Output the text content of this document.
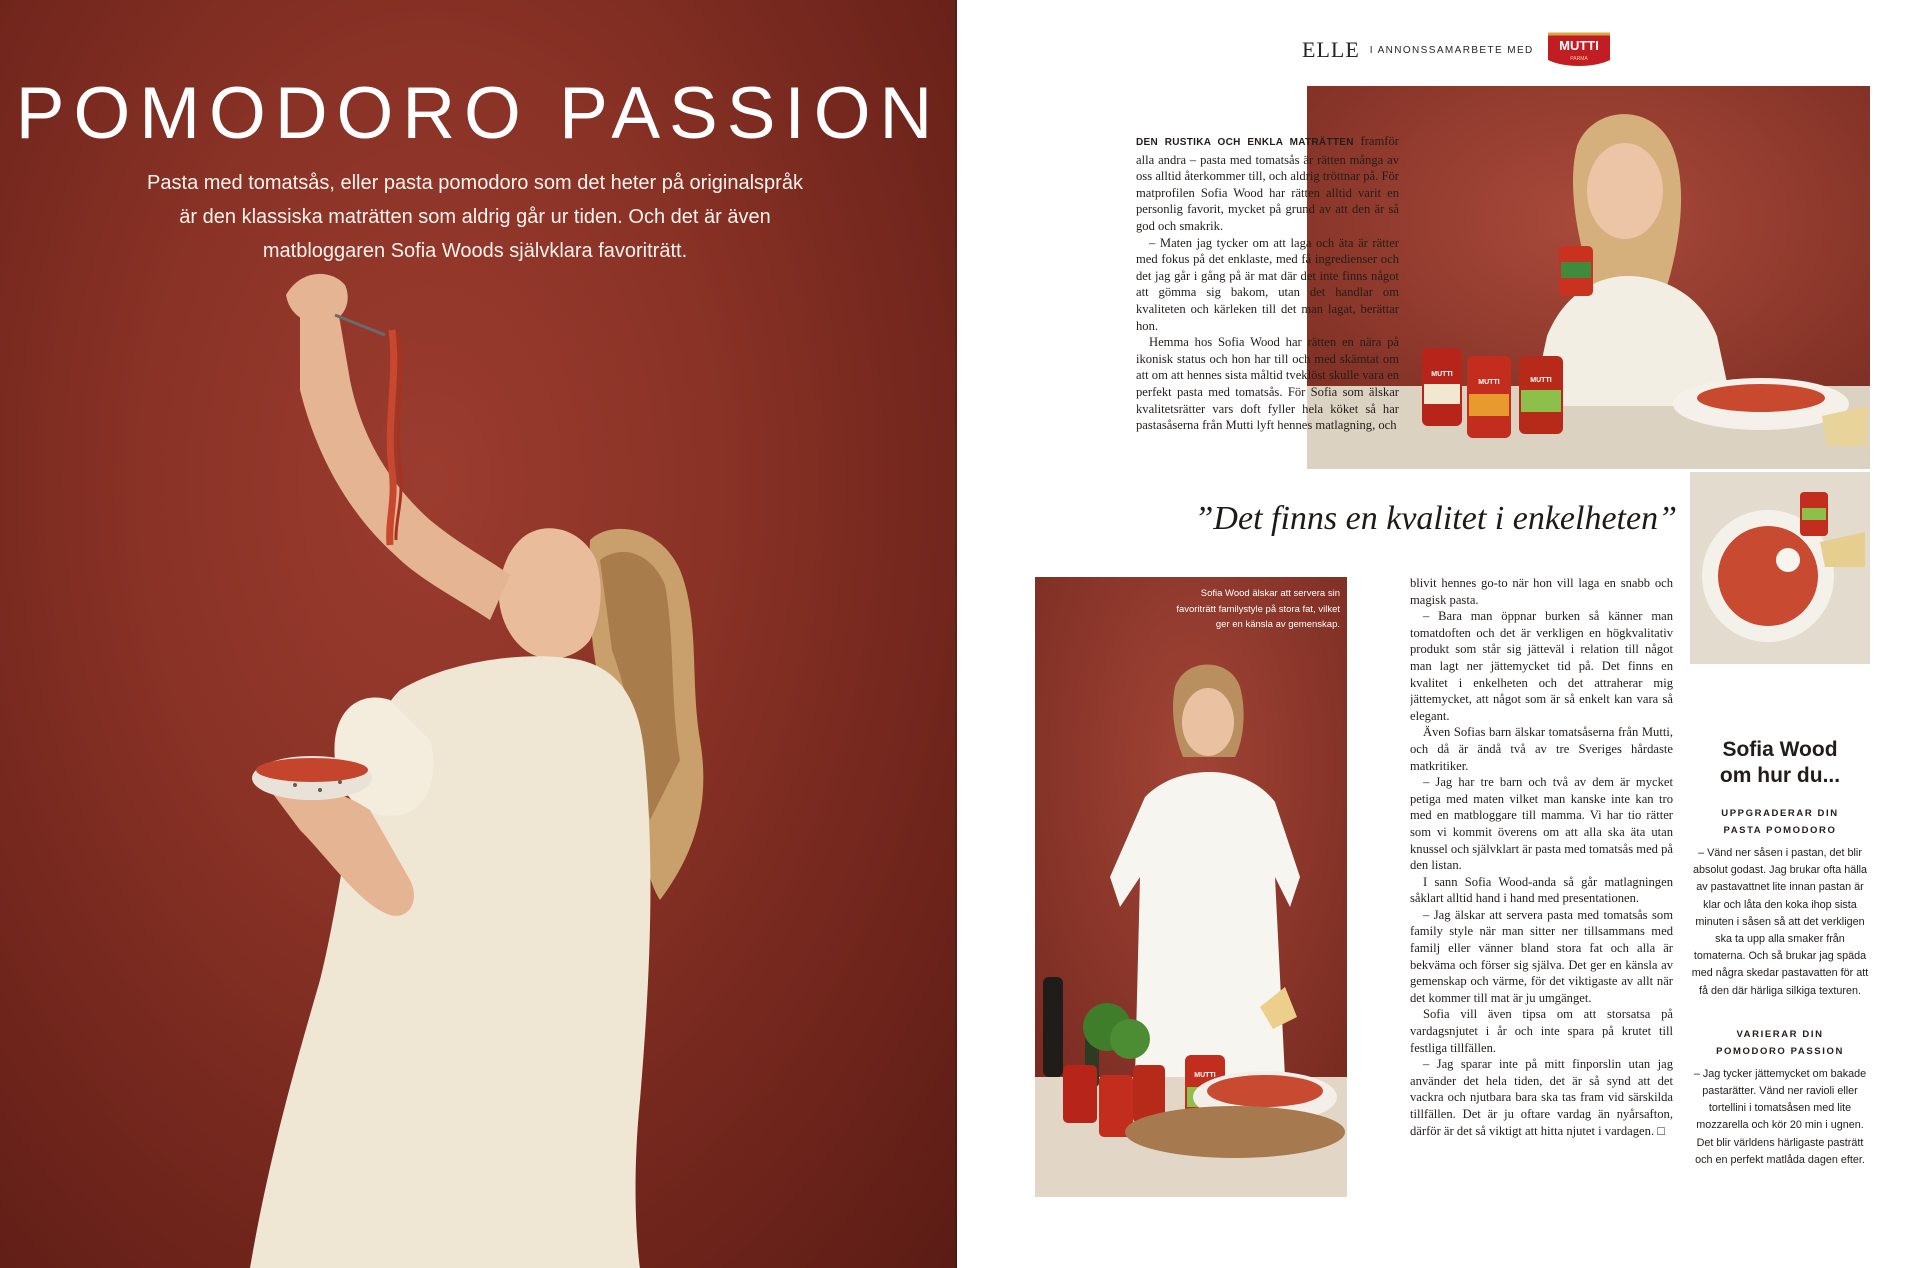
POMODORO PASSION

Pasta med tomatsås, eller pasta pomodoro som det heter på originalspråk är den klassiska maträtten som aldrig går ur tiden. Och det är även matbloggaren Sofia Woods självklara favoriträtt.

ELLE I ANNONSSAMARBETE MED MUTTI
PARMA
MUTTI
MUTTI	MUTTI
MUTTI

Sofia Wood älskar att servera sin favoriträtt familystyle på stora fat, vilket ger en känsla av gemenskap.

DEN RUSTIKA OCH ENKLA MATRÄTTEN framför alla andra – pasta med tomatsås är rätten många av oss alltid återkommer till, och aldrig tröttnar på. För matprofilen Sofia Wood har rätten alltid varit en personlig favorit, mycket på grund av att den är så god och smakrik.

– Maten jag tycker om att laga och äta är rätter med fokus på det enklaste, med få ingredienser och det jag går i gång på är mat där det inte finns något att gömma sig bakom, utan det handlar om kvaliteten och kärleken till det man lagat, berättar hon.

Hemma hos Sofia Wood har rätten en nära på ikonisk status och hon har till och med skämtat om att om att hennes sista måltid tveklöst skulle vara en perfekt pasta med tomatsås. För Sofia som älskar kvalitetsrätter vars doft fyller hela köket så har pastasåserna från Mutti lyft hennes matlagning, och

”Det finns en kvalitet i enkelheten”

blivit hennes go-to när hon vill laga en snabb och magisk pasta.

– Bara man öppnar burken så känner man tomatdoften och det är verkligen en högkvalitativ produkt som står sig jätteväl i relation till något man lagt ner jättemycket tid på. Det finns en kvalitet i enkelheten och det attraherar mig jättemycket, att något som är så enkelt kan vara så elegant.

Även Sofias barn älskar tomatsåserna från Mutti, och då är ändå två av tre Sveriges hårdaste matkritiker.

– Jag har tre barn och två av dem är mycket petiga med maten vilket man kanske inte kan tro med en matbloggare till mamma. Vi har tio rätter som vi kommit överens om att alla ska äta utan knussel och självklart är pasta med tomatsås med på den listan.

I sann Sofia Wood-anda så går matlagningen såklart alltid hand i hand med presentationen.

– Jag älskar att servera pasta med tomatsås som family style när man sitter ner tillsammans med familj eller vänner bland stora fat och alla är bekväma och förser sig själva. Det ger en känsla av gemenskap och värme, för det viktigaste av allt när det kommer till mat är ju umgänget.

Sofia vill även tipsa om att storsatsa på vardagsnjutet i år och inte spara på krutet till festliga tillfällen.

– Jag sparar inte på mitt finporslin utan jag använder det hela tiden, det är så synd att det vackra och njutbara bara ska tas fram vid särskilda tillfällen. Det är ju oftare vardag än nyårsafton, därför är det så viktigt att hitta njutet i vardagen. □

Sofia Wood
om hur du...

UPPGRADERAR DIN
PASTA POMODORO

– Vänd ner såsen i pastan, det blir absolut godast. Jag brukar ofta hälla av pastavattnet lite innan pastan är klar och låta den koka ihop sista minuten i såsen så att det verkligen ska ta upp alla smaker från tomaterna. Och så brukar jag späda med några skedar pastavatten för att få den där härliga silkiga texturen.

VARIERAR DIN
POMODORO PASSION

– Jag tycker jättemycket om bakade pastarätter. Vänd ner ravioli eller tortellini i tomatsåsen med lite mozzarella och kör 20 min i ugnen. Det blir världens härligaste pasträtt och en perfekt matlåda dagen efter.
